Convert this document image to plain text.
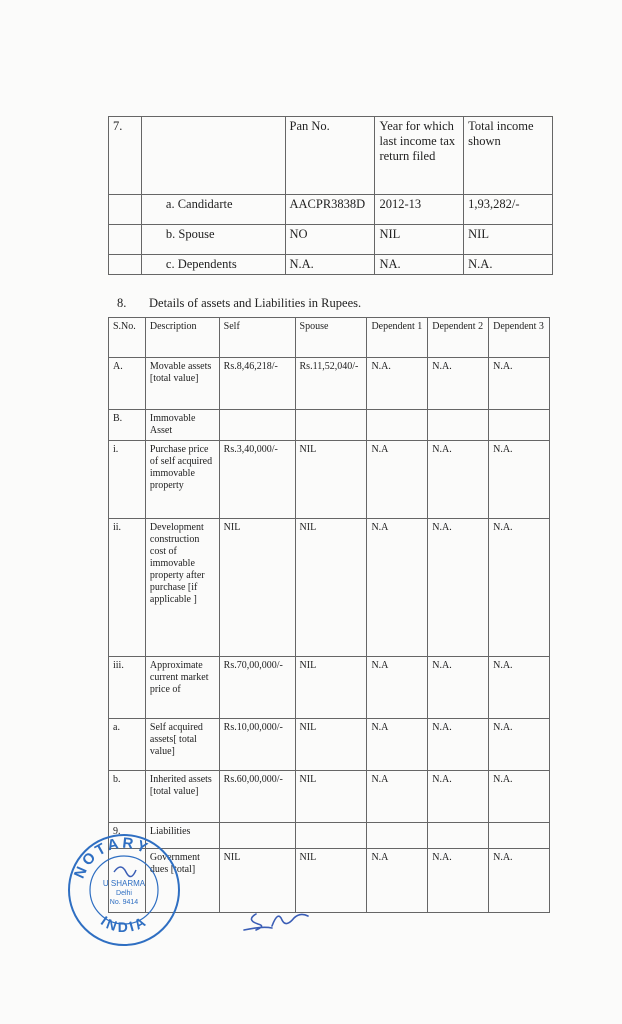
7.		Pan No.	Year for which last income tax return filed	Total income shown
	a. Candidarte	AACPR3838D	2012-13	1,93,282/-
	b. Spouse	NO	NIL	NIL
	c. Dependents	N.A.	NA.	N.A.
8. Details of assets and Liabilities in Rupees.
S.No.	Description	Self	Spouse	Dependent 1	Dependent 2	Dependent 3
A.	Movable assets [total value]	Rs.8,46,218/-	Rs.11,52,040/-	N.A.	N.A.	N.A.
B.	Immovable Asset					
i.	Purchase price of self acquired immovable property	Rs.3,40,000/-	NIL	N.A	N.A.	N.A.
ii.	Development construction cost of immovable property after purchase [if applicable ]	NIL	NIL	N.A	N.A.	N.A.
iii.	Approximate current market price of	Rs.70,00,000/-	NIL	N.A	N.A.	N.A.
a.	Self acquired assets[ total value]	Rs.10,00,000/-	NIL	N.A	N.A.	N.A.
b.	Inherited assets [total value]	Rs.60,00,000/-	NIL	N.A	N.A.	N.A.
9.	Liabilities					
	Government dues [total]	NIL	NIL	N.A	N.A.	N.A.
NOTARY
INDIA
U SHARMA
Delhi
No. 9414
